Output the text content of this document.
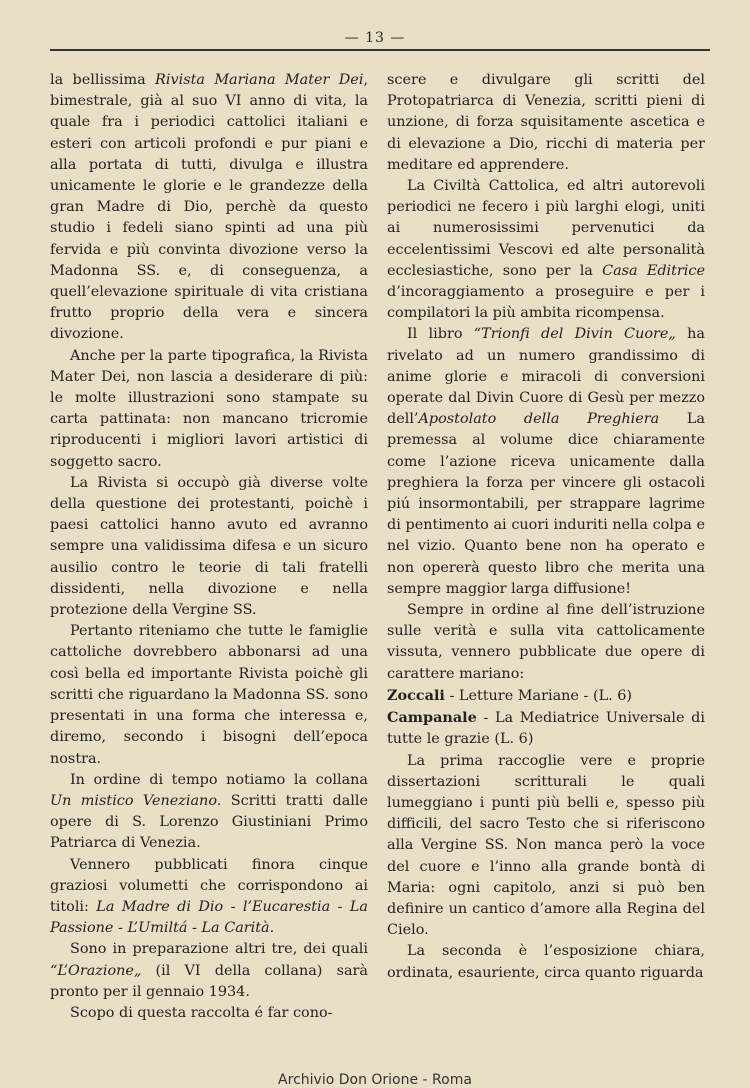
— 13 —

la bellissima Rivista Mariana Mater Dei, bimestrale, già al suo VI anno di vita, la quale fra i periodici cattolici italiani e esteri con articoli profondi e pur piani e alla portata di tutti, divulga e illustra unicamente le glorie e le grandezze della gran Madre di Dio, perchè da questo studio i fedeli siano spinti ad una più fervida e più convinta divozione verso la Madonna SS. e, di conseguenza, a quell’elevazione spirituale di vita cristiana frutto proprio della vera e sincera divozione.

Anche per la parte tipografica, la Rivista Mater Dei, non lascia a desiderare di più: le molte illustrazioni sono stampate su carta pattinata: non mancano tricromie riproducenti i migliori lavori artistici di soggetto sacro.

La Rivista si occupò già diverse volte della questione dei protestanti, poichè i paesi cattolici hanno avuto ed avranno sempre una validissima difesa e un sicuro ausilio contro le teorie di tali fratelli dissidenti, nella divozione e nella protezione della Vergine SS.

Pertanto riteniamo che tutte le famiglie cattoliche dovrebbero abbonarsi ad una così bella ed importante Rivista poichè gli scritti che riguardano la Madonna SS. sono presentati in una forma che interessa e, diremo, secondo i bisogni dell’epoca nostra.

In ordine di tempo notiamo la collana Un mistico Veneziano. Scritti tratti dalle opere di S. Lorenzo Giustiniani Primo Patriarca di Venezia.

Vennero pubblicati finora cinque graziosi volumetti che corrispondono ai titoli: La Madre di Dio - l’Eucarestia - La Passione - L’Umiltá - La Carità.

Sono in preparazione altri tre, dei quali “L’Orazione„ (il VI della collana) sarà pronto per il gennaio 1934.

Scopo di questa raccolta é far cono-

scere e divulgare gli scritti del Protopatriarca di Venezia, scritti pieni di unzione, di forza squisitamente ascetica e di elevazione a Dio, ricchi di materia per meditare ed apprendere.

La Civiltà Cattolica, ed altri autorevoli periodici ne fecero i più larghi elogi, uniti ai numerosissimi pervenutici da eccelentissimi Vescovi ed alte personalità ecclesiastiche, sono per la Casa Editrice d’incoraggiamento a proseguire e per i compilatori la più ambita ricompensa.

Il libro “Trionfi del Divin Cuore„ ha rivelato ad un numero grandissimo di anime glorie e miracoli di conversioni operate dal Divin Cuore di Gesù per mezzo dell’Apostolato della Preghiera La premessa al volume dice chiaramente come l’azione riceva unicamente dalla preghiera la forza per vincere gli ostacoli piú insormontabili, per strappare lagrime di pentimento ai cuori induriti nella colpa e nel vizio. Quanto bene non ha operato e non opererà questo libro che merita una sempre maggior larga diffusione!

Sempre in ordine al fine dell’istruzione sulle verità e sulla vita cattolicamente vissuta, vennero pubblicate due opere di carattere mariano:

Zoccali - Letture Mariane - (L. 6)

Campanale - La Mediatrice Universale di tutte le grazie (L. 6)

La prima raccoglie vere e proprie dissertazioni scritturali le quali lumeggiano i punti più belli e, spesso più difficili, del sacro Testo che si riferiscono alla Vergine SS. Non manca però la voce del cuore e l’inno alla grande bontà di Maria: ogni capitolo, anzi si può ben definire un cantico d’amore alla Regina del Cielo.

La seconda è l’esposizione chiara, ordinata, esauriente, circa quanto riguarda

Archivio Don Orione - Roma
